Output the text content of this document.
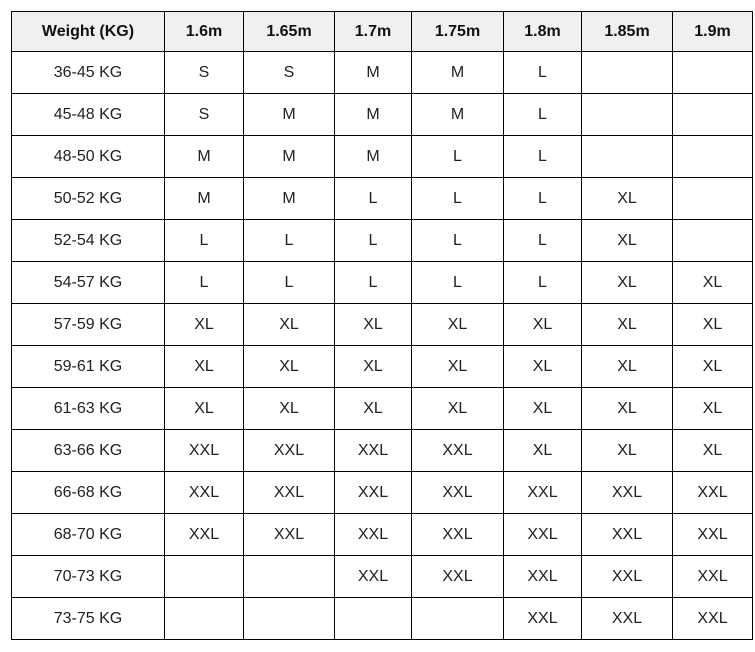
Weight (KG)	1.6m	1.65m	1.7m	1.75m	1.8m	1.85m	1.9m
36-45 KG	S	S	M	M	L		
45-48 KG	S	M	M	M	L		
48-50 KG	M	M	M	L	L		
50-52 KG	M	M	L	L	L	XL	
52-54 KG	L	L	L	L	L	XL	
54-57 KG	L	L	L	L	L	XL	XL
57-59 KG	XL	XL	XL	XL	XL	XL	XL
59-61 KG	XL	XL	XL	XL	XL	XL	XL
61-63 KG	XL	XL	XL	XL	XL	XL	XL
63-66 KG	XXL	XXL	XXL	XXL	XL	XL	XL
66-68 KG	XXL	XXL	XXL	XXL	XXL	XXL	XXL
68-70 KG	XXL	XXL	XXL	XXL	XXL	XXL	XXL
70-73 KG			XXL	XXL	XXL	XXL	XXL
73-75 KG					XXL	XXL	XXL
